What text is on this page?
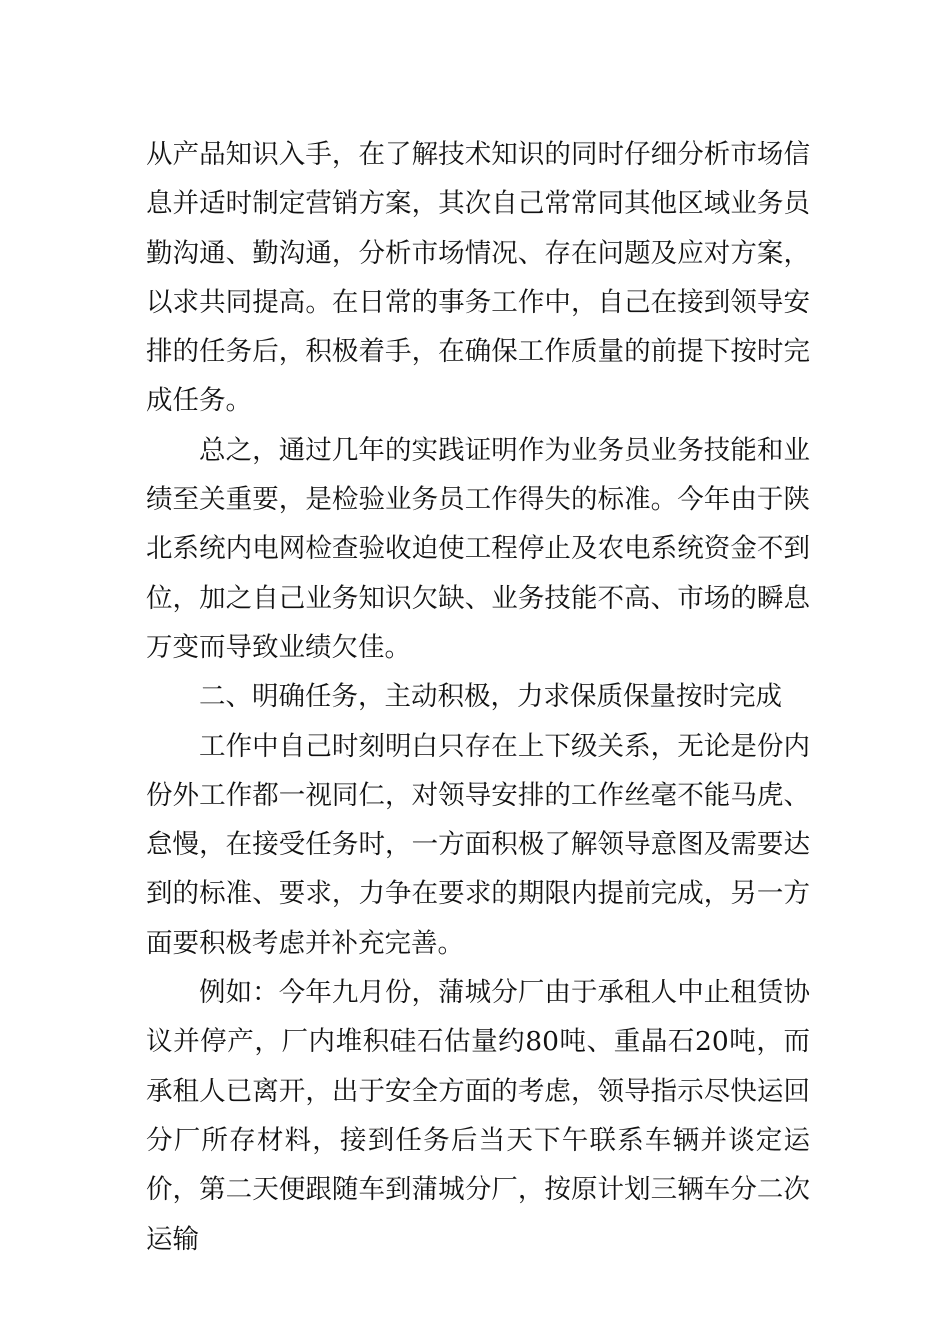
从产品知识入手，在了解技术知识的同时仔细分析市场信息并适时制定营销方案，其次自己常常同其他区域业务员勤沟通、勤沟通，分析市场情况、存在问题及应对方案，以求共同提高。在日常的事务工作中，自己在接到领导安排的任务后，积极着手，在确保工作质量的前提下按时完成任务。

总之，通过几年的实践证明作为业务员业务技能和业绩至关重要，是检验业务员工作得失的标准。今年由于陕北系统内电网检查验收迫使工程停止及农电系统资金不到位，加之自己业务知识欠缺、业务技能不高、市场的瞬息万变而导致业绩欠佳。

二、明确任务，主动积极，力求保质保量按时完成

工作中自己时刻明白只存在上下级关系，无论是份内份外工作都一视同仁，对领导安排的工作丝毫不能马虎、怠慢，在接受任务时，一方面积极了解领导意图及需要达到的标准、要求，力争在要求的期限内提前完成，另一方面要积极考虑并补充完善。

例如：今年九月份，蒲城分厂由于承租人中止租赁协议并停产，厂内堆积硅石估量约80吨、重晶石20吨，而承租人已离开，出于安全方面的考虑，领导指示尽快运回分厂所存材料，接到任务后当天下午联系车辆并谈定运价，第二天便跟随车到蒲城分厂，按原计划三辆车分二次运输
